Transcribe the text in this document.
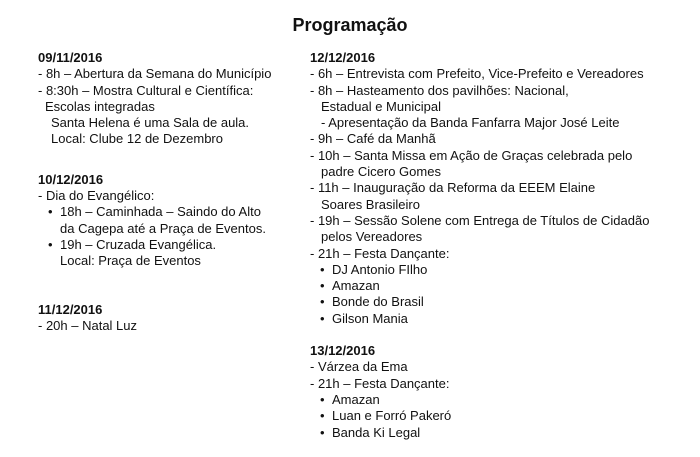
Programação
09/11/2016
- 8h – Abertura da Semana do Município
- 8:30h – Mostra Cultural e Científica:
Escolas integradas
Santa Helena é uma Sala de aula.
Local: Clube 12 de Dezembro
10/12/2016
- Dia do Evangélico:
• 18h – Caminhada – Saindo do Alto
da Cagepa até a Praça de Eventos.
• 19h – Cruzada Evangélica.
Local: Praça de Eventos
11/12/2016
- 20h – Natal Luz
12/12/2016
- 6h – Entrevista com Prefeito, Vice-Prefeito e Vereadores
- 8h – Hasteamento dos pavilhões: Nacional,
Estadual e Municipal
- Apresentação da Banda Fanfarra Major José Leite
- 9h – Café da Manhã
- 10h – Santa Missa em Ação de Graças celebrada pelo
padre Cicero Gomes
- 11h – Inauguração da Reforma da EEEM Elaine
Soares Brasileiro
- 19h – Sessão Solene com Entrega de Títulos de Cidadão
pelos Vereadores
- 21h – Festa Dançante:
• DJ Antonio FIlho
• Amazan
• Bonde do Brasil
• Gilson Mania
13/12/2016
- Várzea da Ema
- 21h – Festa Dançante:
• Amazan
• Luan e Forró Pakeró
• Banda Ki Legal
